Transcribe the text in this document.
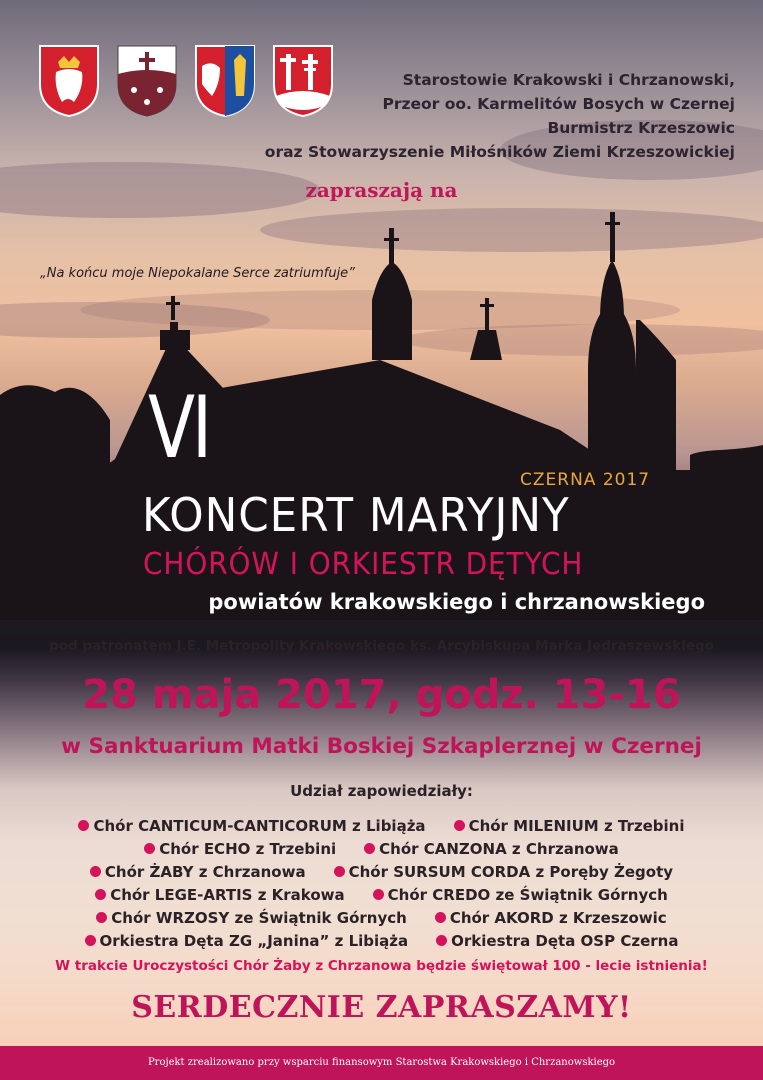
Starostowie Krakowski i Chrzanowski,
Przeor oo. Karmelitów Bosych w Czernej
Burmistrz Krzeszowic
oraz Stowarzyszenie Miłośników Ziemi Krzeszowickiej
zapraszają na
„Na końcu moje Niepokalane Serce zatriumfuje”
VI
CZERNA 2017
KONCERT MARYJNY
CHÓRÓW I ORKIESTR DĘTYCH
powiatów krakowskiego i chrzanowskiego
pod patronatem J.E. Metropolity Krakowskiego ks. Arcybiskupa Marka Jędraszewskiego
28 maja 2017, godz. 13-16
w Sanktuarium Matki Boskiej Szkaplerznej w Czernej
Udział zapowiedziały:
Chór CANTICUM-CANTICORUM z Libiąża	Chór MILENIUM z Trzebini
Chór ECHO z Trzebini	Chór CANZONA z Chrzanowa
Chór ŻABY z Chrzanowa	Chór SURSUM CORDA z Poręby Żegoty
Chór LEGE-ARTIS z Krakowa	Chór CREDO ze Świątnik Górnych
Chór WRZOSY ze Świątnik Górnych	Chór AKORD z Krzeszowic
Orkiestra Dęta ZG „Janina” z Libiąża	Orkiestra Dęta OSP Czerna
W trakcie Uroczystości Chór Żaby z Chrzanowa będzie świętował 100 - lecie istnienia!
SERDECZNIE ZAPRASZAMY!
Projekt zrealizowano przy wsparciu finansowym Starostwa Krakowskiego i Chrzanowskiego
